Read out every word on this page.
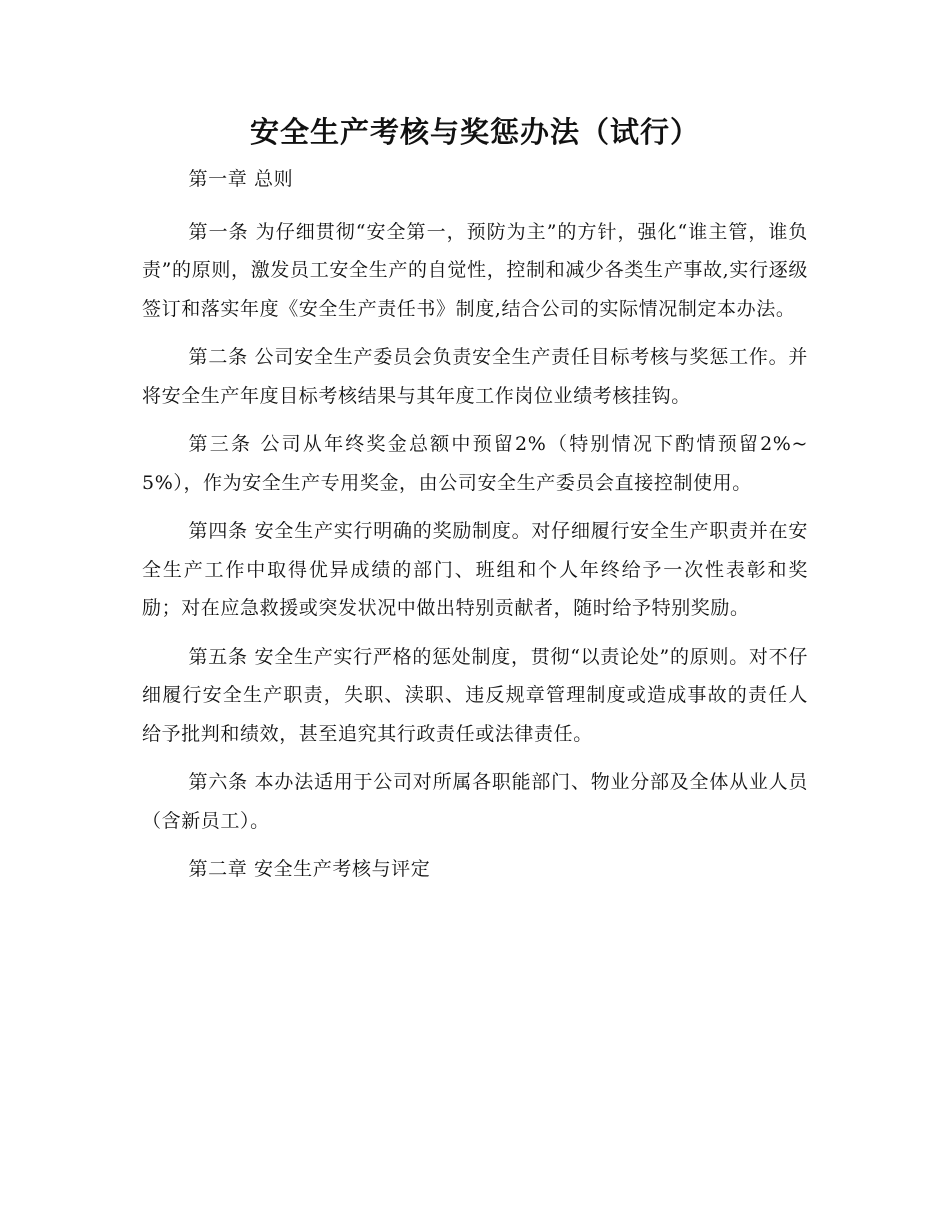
安全生产考核与奖惩办法（试行）

第一章 总则

第一条 为仔细贯彻“安全第一，预防为主”的方针，强化“谁主管，谁负责”的原则，激发员工安全生产的自觉性，控制和减少各类生产事故,实行逐级签订和落实年度《安全生产责任书》制度,结合公司的实际情况制定本办法。

第二条 公司安全生产委员会负责安全生产责任目标考核与奖惩工作。并将安全生产年度目标考核结果与其年度工作岗位业绩考核挂钩。

第三条 公司从年终奖金总额中预留2%（特别情况下酌情预留2%~5%），作为安全生产专用奖金，由公司安全生产委员会直接控制使用。

第四条 安全生产实行明确的奖励制度。对仔细履行安全生产职责并在安全生产工作中取得优异成绩的部门、班组和个人年终给予一次性表彰和奖励；对在应急救援或突发状况中做出特别贡献者，随时给予特别奖励。

第五条 安全生产实行严格的惩处制度，贯彻“以责论处”的原则。对不仔细履行安全生产职责，失职、渎职、违反规章管理制度或造成事故的责任人给予批判和绩效，甚至追究其行政责任或法律责任。

第六条 本办法适用于公司对所属各职能部门、物业分部及全体从业人员（含新员工）。

第二章 安全生产考核与评定
